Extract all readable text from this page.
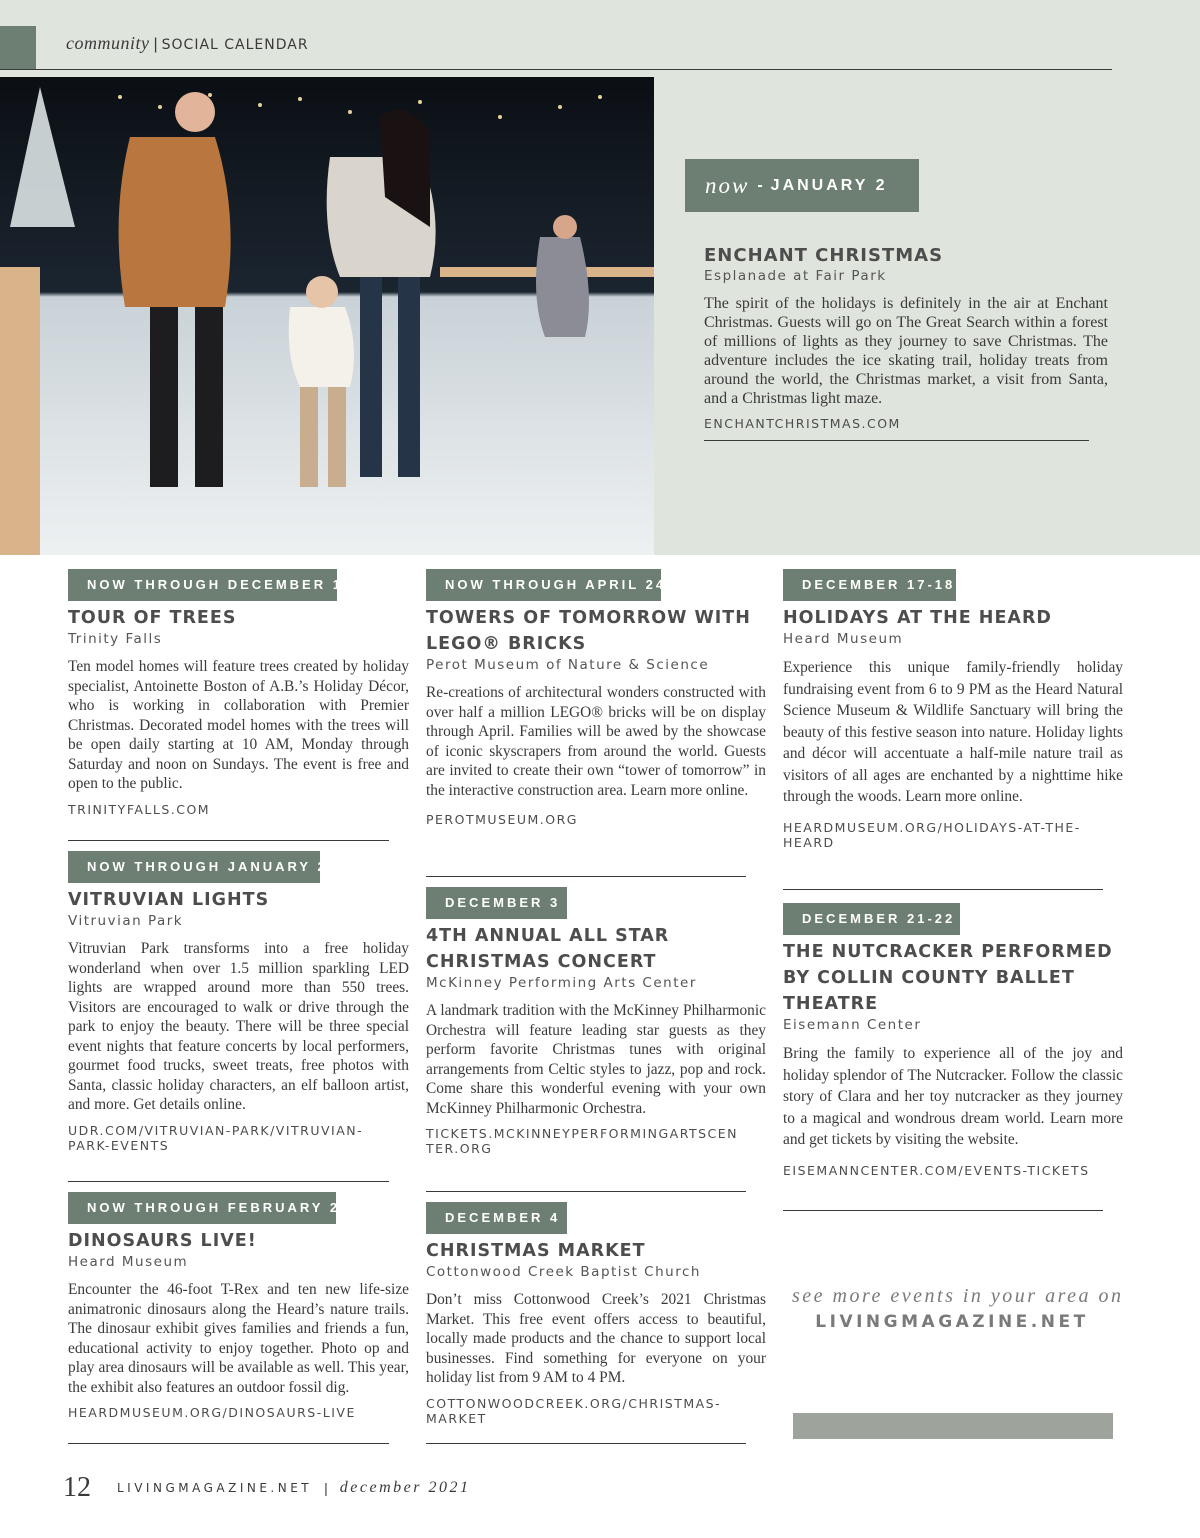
community | SOCIAL CALENDAR
now - JANUARY 2
ENCHANT CHRISTMAS
Esplanade at Fair Park
The spirit of the holidays is definitely in the air at Enchant Christmas. Guests will go on The Great Search within a forest of millions of lights as they journey to save Christmas. The adventure includes the ice skating trail, holiday treats from around the world, the Christmas market, a visit from Santa, and a Christmas light maze.
ENCHANTCHRISTMAS.COM
NOW THROUGH DECEMBER 19
TOUR OF TREES
Trinity Falls
Ten model homes will feature trees created by holiday specialist, Antoinette Boston of A.B.’s Holiday Décor, who is working in collaboration with Premier Christmas. Decorated model homes with the trees will be open daily starting at 10 AM, Monday through Saturday and noon on Sundays. The event is free and open to the public.
TRINITYFALLS.COM
NOW THROUGH JANUARY 2
VITRUVIAN LIGHTS
Vitruvian Park
Vitruvian Park transforms into a free holiday wonderland when over 1.5 million sparkling LED lights are wrapped around more than 550 trees. Visitors are encouraged to walk or drive through the park to enjoy the beauty. There will be three special event nights that feature concerts by local performers, gourmet food trucks, sweet treats, free photos with Santa, classic holiday characters, an elf balloon artist, and more. Get details online.
UDR.COM/VITRUVIAN-PARK/VITRUVIAN-PARK-EVENTS
NOW THROUGH FEBRUARY 21
DINOSAURS LIVE!
Heard Museum
Encounter the 46-foot T-Rex and ten new life-size animatronic dinosaurs along the Heard’s nature trails. The dinosaur exhibit gives families and friends a fun, educational activity to enjoy together. Photo op and play area dinosaurs will be available as well. This year, the exhibit also features an outdoor fossil dig.
HEARDMUSEUM.ORG/DINOSAURS-LIVE
NOW THROUGH APRIL 24
TOWERS OF TOMORROW WITH LEGO® BRICKS
Perot Museum of Nature & Science
Re-creations of architectural wonders constructed with over half a million LEGO® bricks will be on display through April. Families will be awed by the showcase of iconic skyscrapers from around the world. Guests are invited to create their own “tower of tomorrow” in the interactive construction area. Learn more online.
PEROTMUSEUM.ORG
DECEMBER 3
4TH ANNUAL ALL STAR CHRISTMAS CONCERT
McKinney Performing Arts Center
A landmark tradition with the McKinney Philharmonic Orchestra will feature leading star guests as they perform favorite Christmas tunes with original arrangements from Celtic styles to jazz, pop and rock. Come share this wonderful evening with your own McKinney Philharmonic Orchestra.
TICKETS.MCKINNEYPERFORMINGARTSCENTER.ORG
DECEMBER 4
CHRISTMAS MARKET
Cottonwood Creek Baptist Church
Don’t miss Cottonwood Creek’s 2021 Christmas Market. This free event offers access to beautiful, locally made products and the chance to support local businesses. Find something for everyone on your holiday list from 9 AM to 4 PM.
COTTONWOODCREEK.ORG/CHRISTMAS-MARKET
DECEMBER 17-18
HOLIDAYS AT THE HEARD
Heard Museum
Experience this unique family-friendly holiday fundraising event from 6 to 9 PM as the Heard Natural Science Museum & Wildlife Sanctuary will bring the beauty of this festive season into nature. Holiday lights and décor will accentuate a half-mile nature trail as visitors of all ages are enchanted by a nighttime hike through the woods. Learn more online.
HEARDMUSEUM.ORG/HOLIDAYS-AT-THE-HEARD
DECEMBER 21-22
THE NUTCRACKER PERFORMED BY COLLIN COUNTY BALLET THEATRE
Eisemann Center
Bring the family to experience all of the joy and holiday splendor of The Nutcracker. Follow the classic story of Clara and her toy nutcracker as they journey to a magical and wondrous dream world. Learn more and get tickets by visiting the website.
EISEMANNCENTER.COM/EVENTS-TICKETS
see more events in your area on
LIVINGMAGAZINE.NET
12 LIVINGMAGAZINE.NET | december 2021
